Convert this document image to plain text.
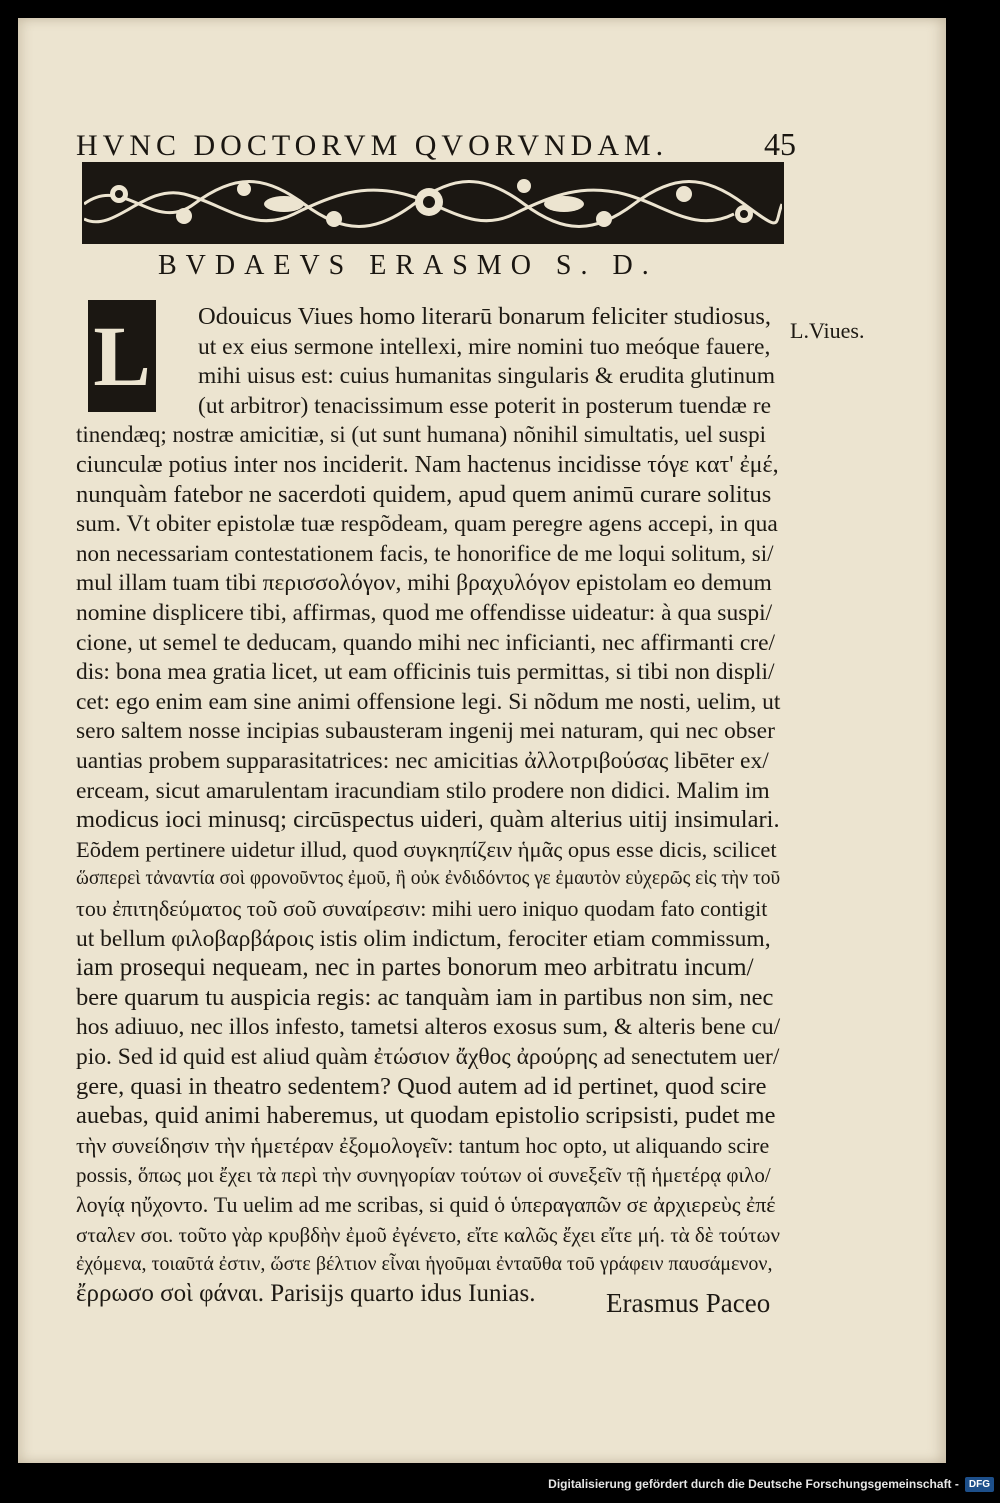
HVNC DOCTORVM QVORVNDAM.	45
BVDAEVS ERASMO S. D.
L	L.Viues.
Odouicus Viues homo literarū bonarum feliciter studiosus,
ut ex eius sermone intellexi, mire nomini tuo meóque fauere,
mihi uisus est: cuius humanitas singularis & erudita glutinum
(ut arbitror) tenacissimum esse poterit in posterum tuendæ re
tinendæq; nostræ amicitiæ, si (ut sunt humana) nõnihil simultatis, uel suspi
ciunculæ potius inter nos inciderit. Nam hactenus incidisse τόγε κατ' ἐμέ,
nunquàm fatebor ne sacerdoti quidem, apud quem animū curare solitus
sum. Vt obiter epistolæ tuæ respõdeam, quam peregre agens accepi, in qua
non necessariam contestationem facis, te honorifice de me loqui solitum, si/
mul illam tuam tibi περισσολόγον, mihi βραχυλόγον epistolam eo demum
nomine displicere tibi, affirmas, quod me offendisse uideatur: à qua suspi/
cione, ut semel te deducam, quando mihi nec inficianti, nec affirmanti cre/
dis: bona mea gratia licet, ut eam officinis tuis permittas, si tibi non displi/
cet: ego enim eam sine animi offensione legi. Si nõdum me nosti, uelim, ut
sero saltem nosse incipias subausteram ingenij mei naturam, qui nec obser
uantias probem supparasitatrices: nec amicitias ἀλλοτριβούσας libēter ex/
erceam, sicut amarulentam iracundiam stilo prodere non didici. Malim im
modicus ioci minusq; circūspectus uideri, quàm alterius uitij insimulari.
Eõdem pertinere uidetur illud, quod συγκηπίζειν ἡμᾶς opus esse dicis, scilicet
ὥσπερεὶ τἀναντία σοὶ φρονοῦντος ἐμοῦ, ἢ οὐκ ἐνδιδόντος γε ἐμαυτὸν εὐχερῶς εἰς τὴν τοῦ
του ἐπιτηδεύματος τοῦ σοῦ συναίρεσιν: mihi uero iniquo quodam fato contigit
ut bellum φιλοβαρβάροις istis olim indictum, ferociter etiam commissum,
iam prosequi nequeam, nec in partes bonorum meo arbitratu incum/
bere quarum tu auspicia regis: ac tanquàm iam in partibus non sim, nec
hos adiuuo, nec illos infesto, tametsi alteros exosus sum, & alteris bene cu/
pio. Sed id quid est aliud quàm ἐτώσιον ἄχθος ἀρούρης ad senectutem uer/
gere, quasi in theatro sedentem? Quod autem ad id pertinet, quod scire
auebas, quid animi haberemus, ut quodam epistolio scripsisti, pudet me
τὴν συνείδησιν τὴν ἡμετέραν ἐξομολογεῖν: tantum hoc opto, ut aliquando scire
possis, ὅπως μοι ἔχει τὰ περὶ τὴν συνηγορίαν τούτων οἱ συνεξεῖν τῇ ἡμετέρᾳ φιλο/
λογίᾳ ηὔχοντο. Tu uelim ad me scribas, si quid ὁ ὑπεραγαπῶν σε ἀρχιερεὺς ἐπέ
σταλεν σοι. τοῦτο γὰρ κρυβδὴν ἐμοῦ ἐγένετο, εἴτε καλῶς ἔχει εἴτε μή. τὰ δὲ τούτων
ἐχόμενα, τοιαῦτά ἐστιν, ὥστε βέλτιον εἶναι ἡγοῦμαι ἐνταῦθα τοῦ γράφειν παυσάμενον,
ἔρρωσο σοὶ φάναι. Parisijs quarto idus Iunias.	Erasmus Paceo
Digitalisierung gefördert durch die Deutsche Forschungsgemeinschaft -	DFG
